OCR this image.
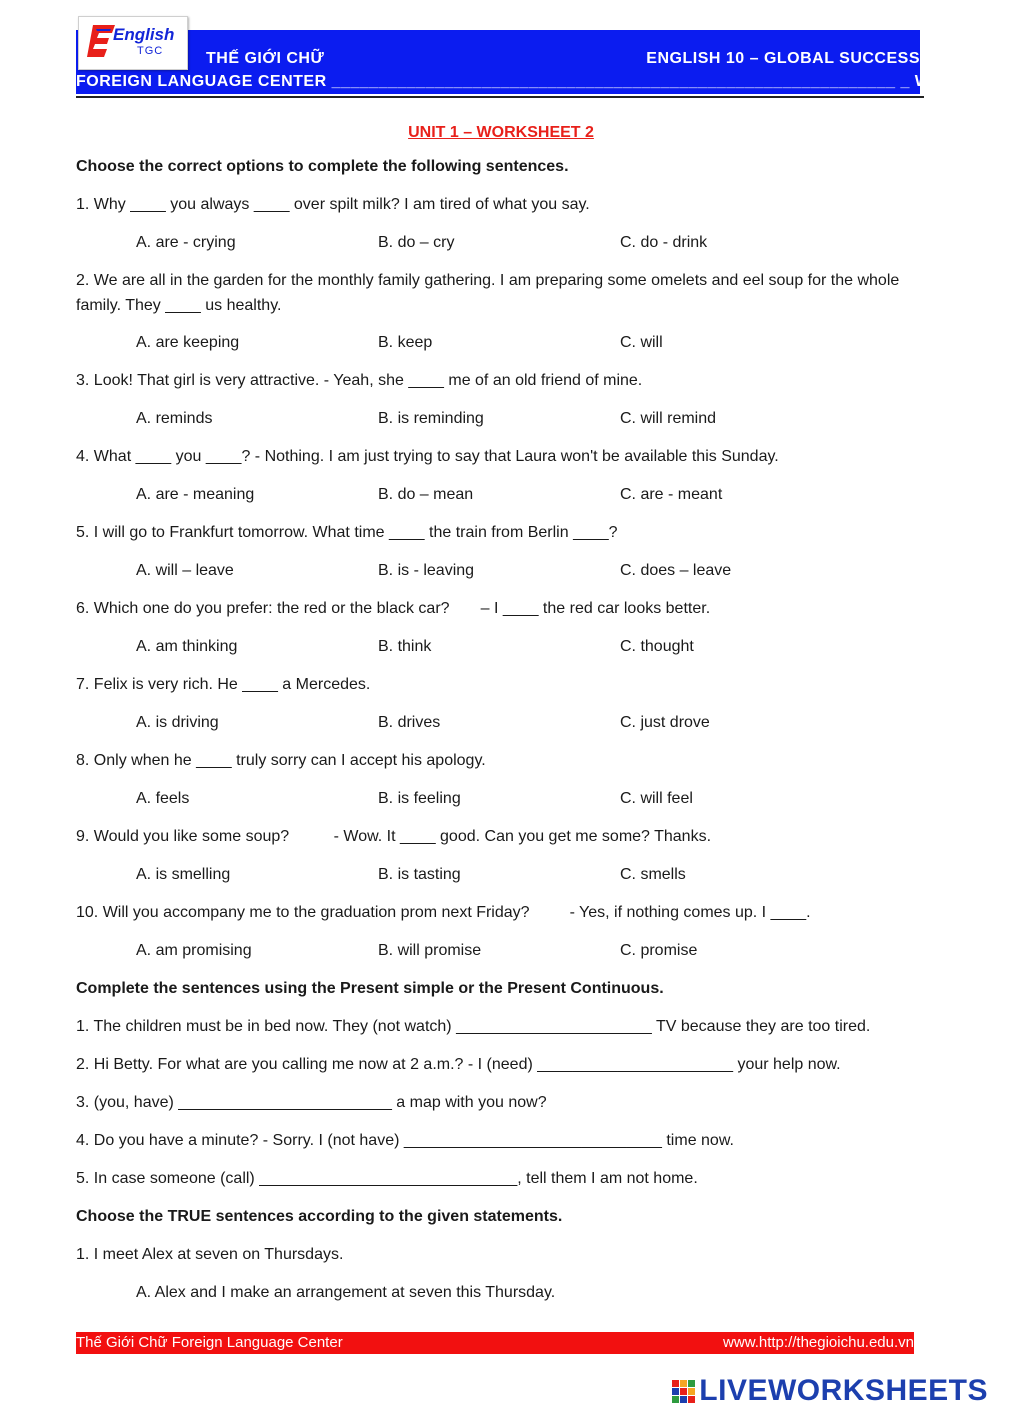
English
TGC	THẾ GIỚI CHỮ	ENGLISH 10 – GLOBAL SUCCESS
FOREIGN LANGUAGE CENTER
____________________________________________________________
_ WORKSHEET
UNIT 1 – WORKSHEET 2
Choose the correct options to complete the following sentences.
1. Why ____ you always ____ over spilt milk? I am tired of what you say.
A. are - crying	B. do – cry	C. do - drink
2. We are all in the garden for the monthly family gathering. I am preparing some omelets and eel soup for the whole family. They ____ us healthy.
A. are keeping	B. keep	C. will
3. Look! That girl is very attractive. - Yeah, she ____ me of an old friend of mine.
A. reminds	B. is reminding	C. will remind
4. What ____ you ____? - Nothing. I am just trying to say that Laura won't be available this Sunday.
A. are - meaning	B. do – mean	C. are - meant
5. I will go to Frankfurt tomorrow. What time ____ the train from Berlin ____?
A. will – leave	B. is - leaving	C. does – leave
6. Which one do you prefer: the red or the black car?       – I ____ the red car looks better.
A. am thinking	B. think	C. thought
7. Felix is very rich. He ____ a Mercedes.
A. is driving	B. drives	C. just drove
8. Only when he ____ truly sorry can I accept his apology.
A. feels	B. is feeling	C. will feel
9. Would you like some soup?          - Wow. It ____ good. Can you get me some? Thanks.
A. is smelling	B. is tasting	C. smells
10. Will you accompany me to the graduation prom next Friday?         - Yes, if nothing comes up. I ____.
A. am promising	B. will promise	C. promise
Complete the sentences using the Present simple or the Present Continuous.
1. The children must be in bed now. They (not watch) ______________________ TV because they are too tired.
2. Hi Betty. For what are you calling me now at 2 a.m.? - I (need) ______________________ your help now.
3. (you, have) ________________________ a map with you now?
4. Do you have a minute? - Sorry. I (not have) _____________________________ time now.
5. In case someone (call) _____________________________, tell them I am not home.
Choose the TRUE sentences according to the given statements.
1. I meet Alex at seven on Thursdays.
A. Alex and I make an arrangement at seven this Thursday.
Thế Giới Chữ Foreign Language Center	www.http://thegioichu.edu.vn
LIVEWORKSHEETS
